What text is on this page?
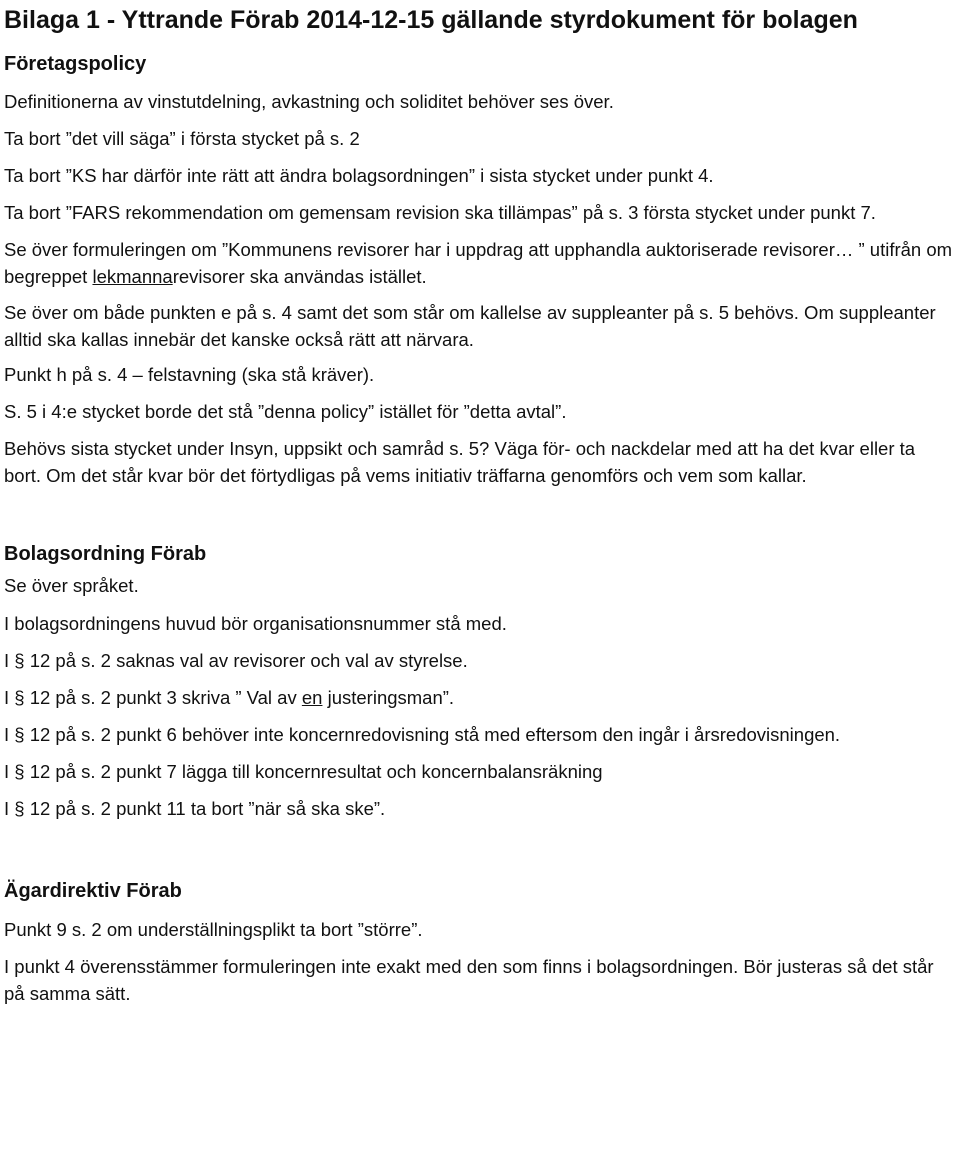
Bilaga 1 - Yttrande Förab 2014-12-15 gällande styrdokument för bolagen
Företagspolicy

Definitionerna av vinstutdelning, avkastning och soliditet behöver ses över.

Ta bort ”det vill säga” i första stycket på s. 2

Ta bort ”KS har därför inte rätt att ändra bolagsordningen” i sista stycket under punkt 4.

Ta bort ”FARS rekommendation om gemensam revision ska tillämpas” på s. 3 första stycket under punkt 7.

Se över formuleringen om ”Kommunens revisorer har i uppdrag att upphandla auktoriserade revisorer… ” utifrån om begreppet lekmannarevisorer ska användas istället.

Se över om både punkten e på s. 4 samt det som står om kallelse av suppleanter på s. 5 behövs. Om suppleanter alltid ska kallas innebär det kanske också rätt att närvara.

Punkt h på s. 4 – felstavning (ska stå kräver).

S. 5 i 4:e stycket borde det stå ”denna policy” istället för ”detta avtal”.

Behövs sista stycket under Insyn, uppsikt och samråd s. 5? Väga för- och nackdelar med att ha det kvar eller ta bort. Om det står kvar bör det förtydligas på vems initiativ träffarna genomförs och vem som kallar.

Bolagsordning Förab

Se över språket.

I bolagsordningens huvud bör organisationsnummer stå med.

I § 12 på s. 2 saknas val av revisorer och val av styrelse.

I § 12 på s. 2 punkt 3 skriva ” Val av en justeringsman”.

I § 12 på s. 2 punkt 6 behöver inte koncernredovisning stå med eftersom den ingår i årsredovisningen.

I § 12 på s. 2 punkt 7 lägga till koncernresultat och koncernbalansräkning

I § 12 på s. 2 punkt 11 ta bort ”när så ska ske”.

Ägardirektiv Förab

Punkt 9 s. 2 om underställningsplikt ta bort ”större”.

I punkt 4 överensstämmer formuleringen inte exakt med den som finns i bolagsordningen. Bör justeras så det står på samma sätt.
